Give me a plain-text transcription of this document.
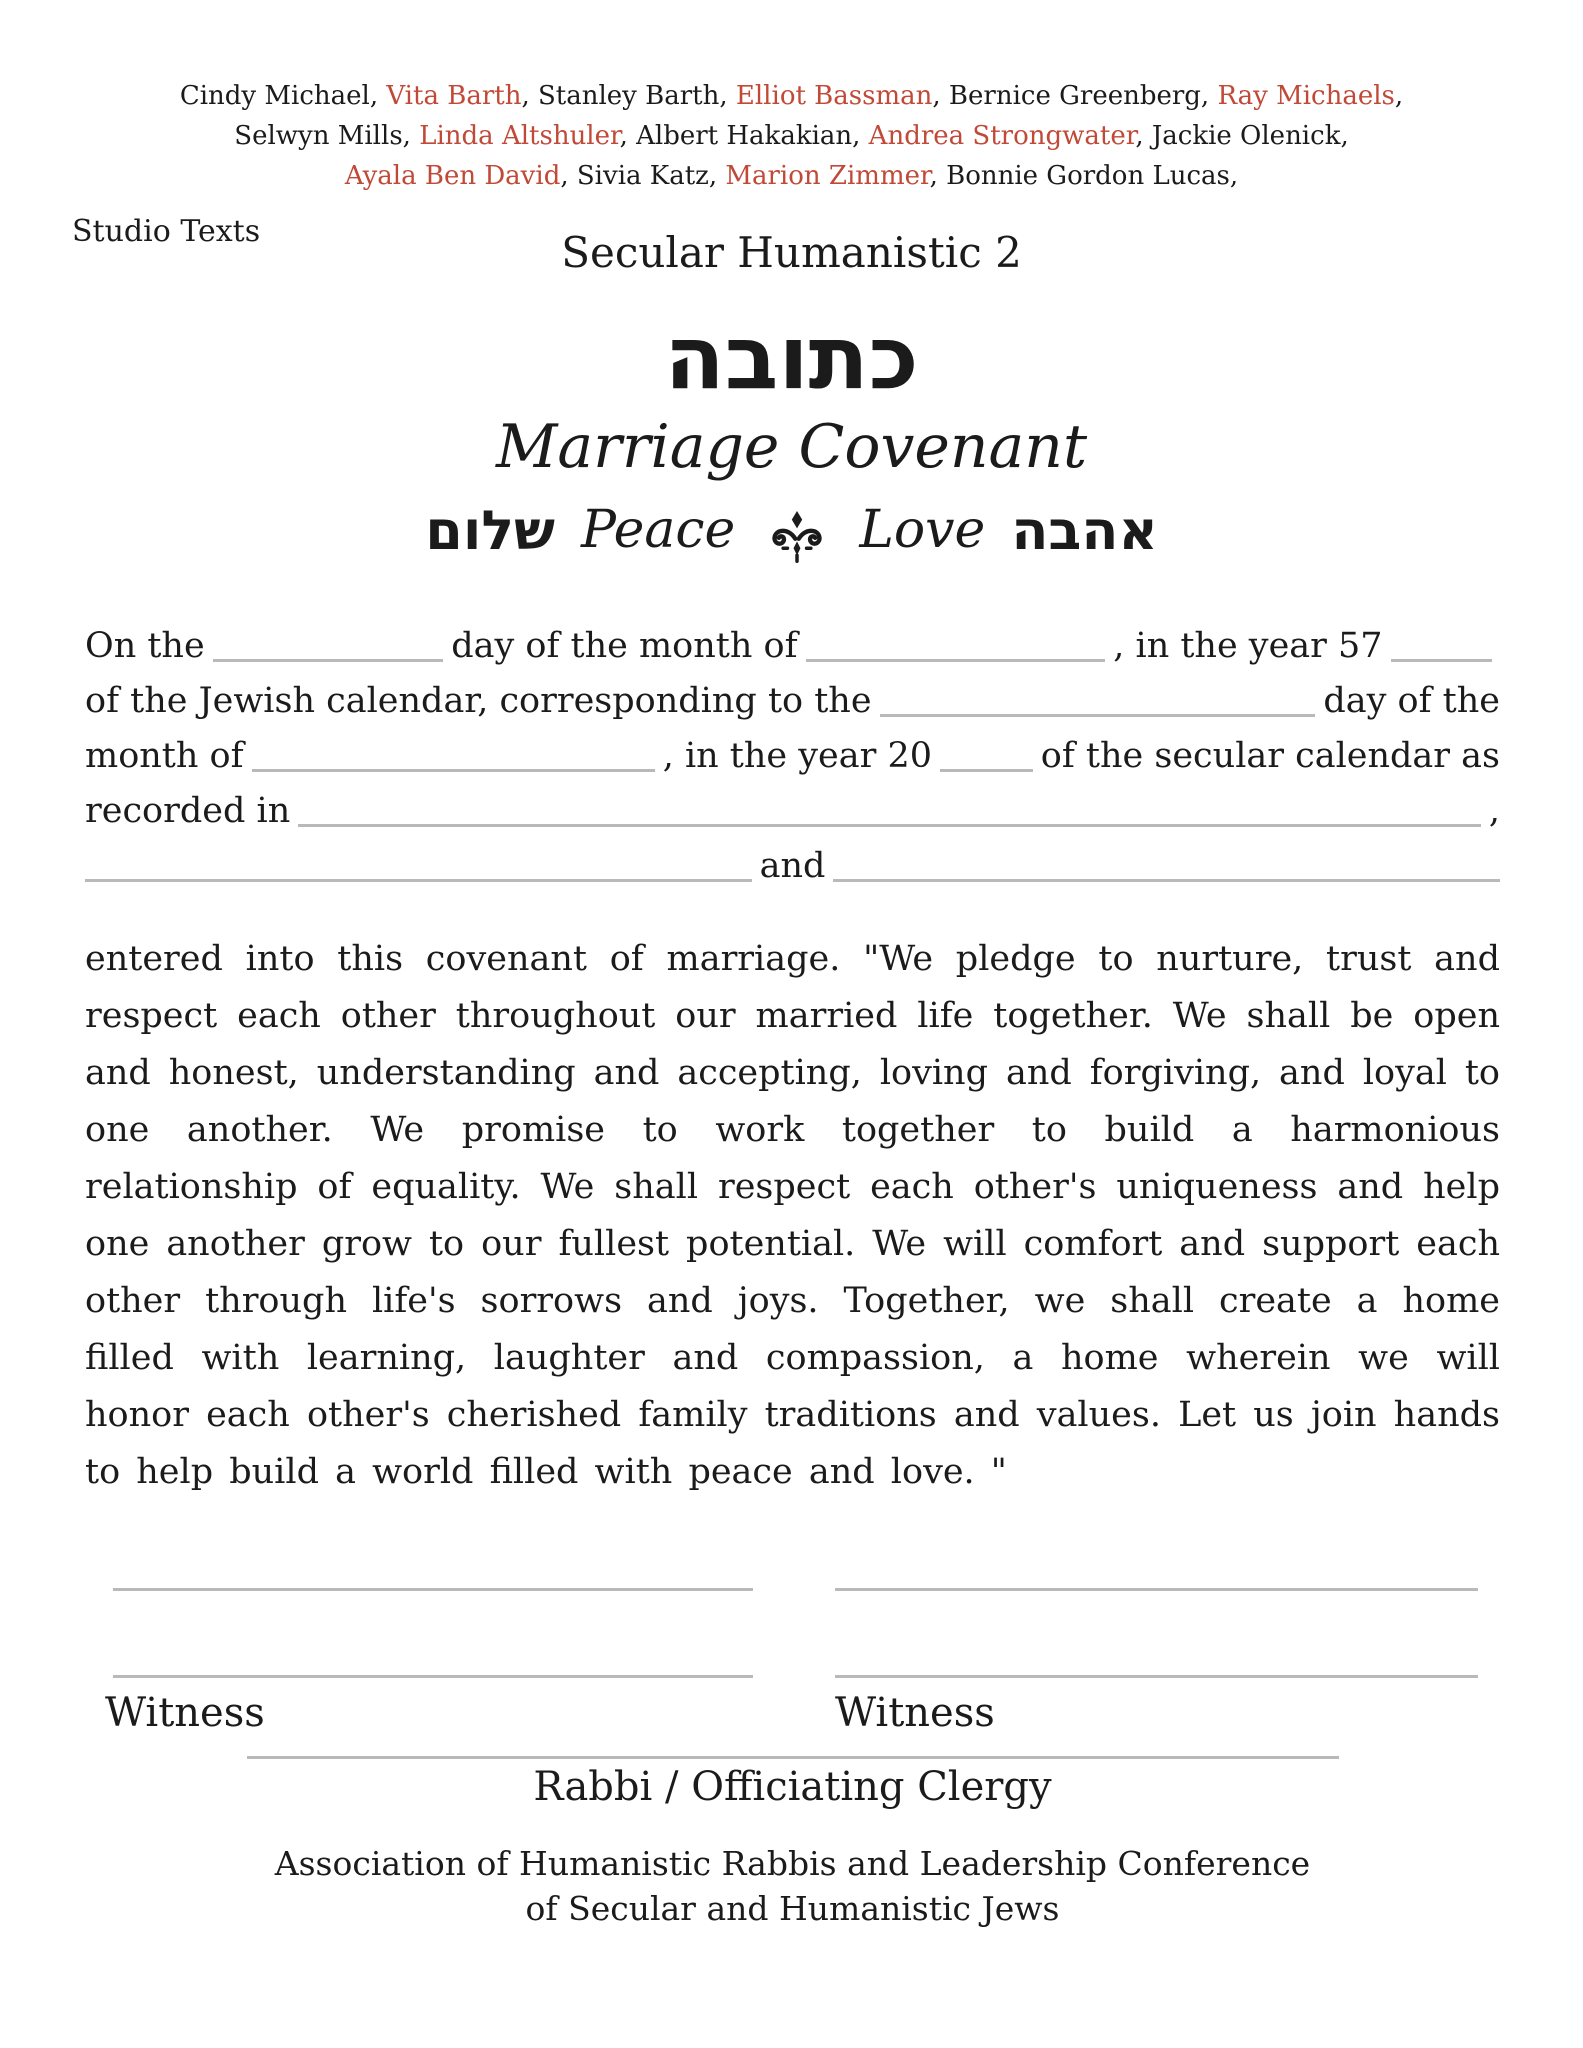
Cindy Michael, Vita Barth, Stanley Barth, Elliot Bassman, Bernice Greenberg, Ray Michaels,
Selwyn Mills, Linda Altshuler, Albert Hakakian, Andrea Strongwater, Jackie Olenick,
Ayala Ben David, Sivia Katz, Marion Zimmer, Bonnie Gordon Lucas,
Studio Texts	Secular Humanistic 2
כתובה
Marriage Covenant
שלום Peace Love אהבה
On the	day of the month of	, in the year 57
of the Jewish calendar, corresponding to the	day of the
month of	, in the year 20	of the secular calendar as
recorded in	,
and
entered into this covenant of marriage. "We pledge to nurture, trust and respect each other throughout our married life together. We shall be open and honest, understanding and accepting, loving and forgiving, and loyal to one another. We promise to work together to build a harmonious relationship of equality. We shall respect each other's uniqueness and help one another grow to our fullest potential. We will comfort and support each other through life's sorrows and joys. Together, we shall create a home filled with learning, laughter and compassion, a home wherein we will honor each other's cherished family traditions and values. Let us join hands to help build a world filled with peace and love. "
Witness	Witness
Rabbi / Officiating Clergy
Association of Humanistic Rabbis and Leadership Conference
of Secular and Humanistic Jews
